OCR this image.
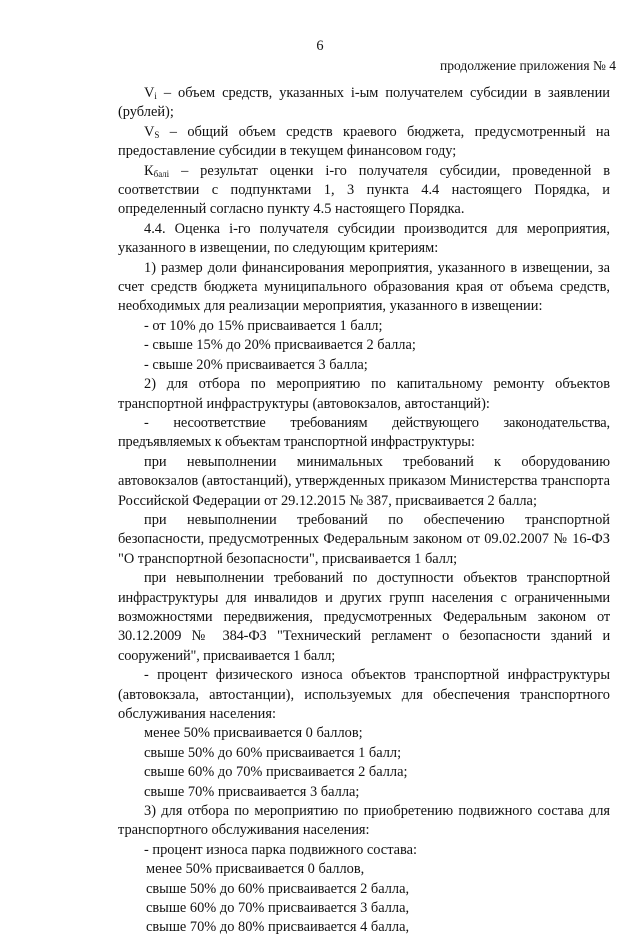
6
продолжение приложения № 4

$V_i$ – объем средств, указанных i-ым получателем субсидии в заявлении (рублей);

$V_S$ – общий объем средств краевого бюджета, предусмотренный на предоставление субсидии в текущем финансовом году;

$К_{бaлi}$ – результат оценки i-го получателя субсидии, проведенной в соответствии с подпунктами 1, 3 пункта 4.4 настоящего Порядка, и определенный согласно пункту 4.5 настоящего Порядка.

4.4. Оценка i-го получателя субсидии производится для мероприятия, указанного в извещении, по следующим критериям:

1) размер доли финансирования мероприятия, указанного в извещении, за счет средств бюджета муниципального образования края от объема средств, необходимых для реализации мероприятия, указанного в извещении:

- от 10% до 15% присваивается 1 балл;

- свыше 15% до 20% присваивается 2 балла;

- свыше 20% присваивается 3 балла;

2) для отбора по мероприятию по капитальному ремонту объектов транспортной инфраструктуры (автовокзалов, автостанций):

- несоответствие требованиям действующего законодательства, предъявляемых к объектам транспортной инфраструктуры:

при невыполнении минимальных требований к оборудованию автовокзалов (автостанций), утвержденных приказом Министерства транспорта Российской Федерации от 29.12.2015 № 387, присваивается 2 балла;

при невыполнении требований по обеспечению транспортной безопасности, предусмотренных Федеральным законом от 09.02.2007 № 16-ФЗ "О транспортной безопасности", присваивается 1 балл;

при невыполнении требований по доступности объектов транспортной инфраструктуры для инвалидов и других групп населения с ограниченными возможностями передвижения, предусмотренных Федеральным законом от 30.12.2009 № 384-ФЗ "Технический регламент о безопасности зданий и сооружений", присваивается 1 балл;

- процент физического износа объектов транспортной инфраструктуры (автовокзала, автостанции), используемых для обеспечения транспортного обслуживания населения:

менее 50% присваивается 0 баллов;

свыше 50% до 60% присваивается 1 балл;

свыше 60% до 70% присваивается 2 балла;

свыше 70% присваивается 3 балла;

3) для отбора по мероприятию по приобретению подвижного состава для транспортного обслуживания населения:

- процент износа парка подвижного состава:

менее 50% присваивается 0 баллов,

свыше 50% до 60% присваивается 2 балла,

свыше 60% до 70% присваивается 3 балла,

свыше 70% до 80% присваивается 4 балла,
